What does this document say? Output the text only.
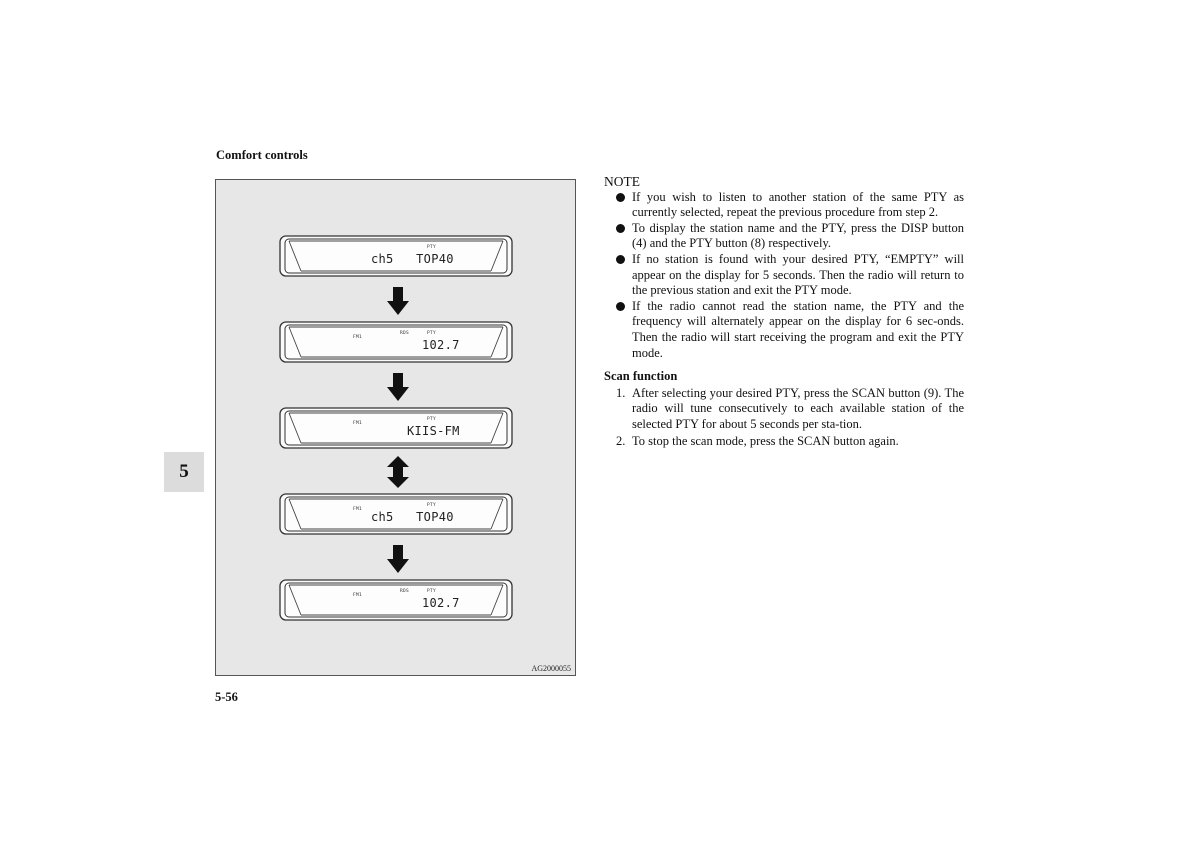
Comfort controls
5
5-56
PTY
ch5   TOP40
FM1
RDS	PTY
102.7
FM1
PTY
KIIS-FM
FM1
PTY
ch5   TOP40
FM1
RDS	PTY
102.7
AG2000055
NOTE
If you wish to listen to another station of the same PTY as currently selected, repeat the previous procedure from step 2.
To display the station name and the PTY, press the DISP button (4) and the PTY button (8) respectively.
If no station is found with your desired PTY, “EMPTY” will appear on the display for 5 seconds. Then the radio will return to the previous station and exit the PTY mode.
If the radio cannot read the station name, the PTY and the frequency will alternately appear on the display for 6 sec-onds. Then the radio will start receiving the program and exit the PTY mode.
Scan function
1. After selecting your desired PTY, press the SCAN button (9). The radio will tune consecutively to each available station of the selected PTY for about 5 seconds per sta-tion.
2. To stop the scan mode, press the SCAN button again.
